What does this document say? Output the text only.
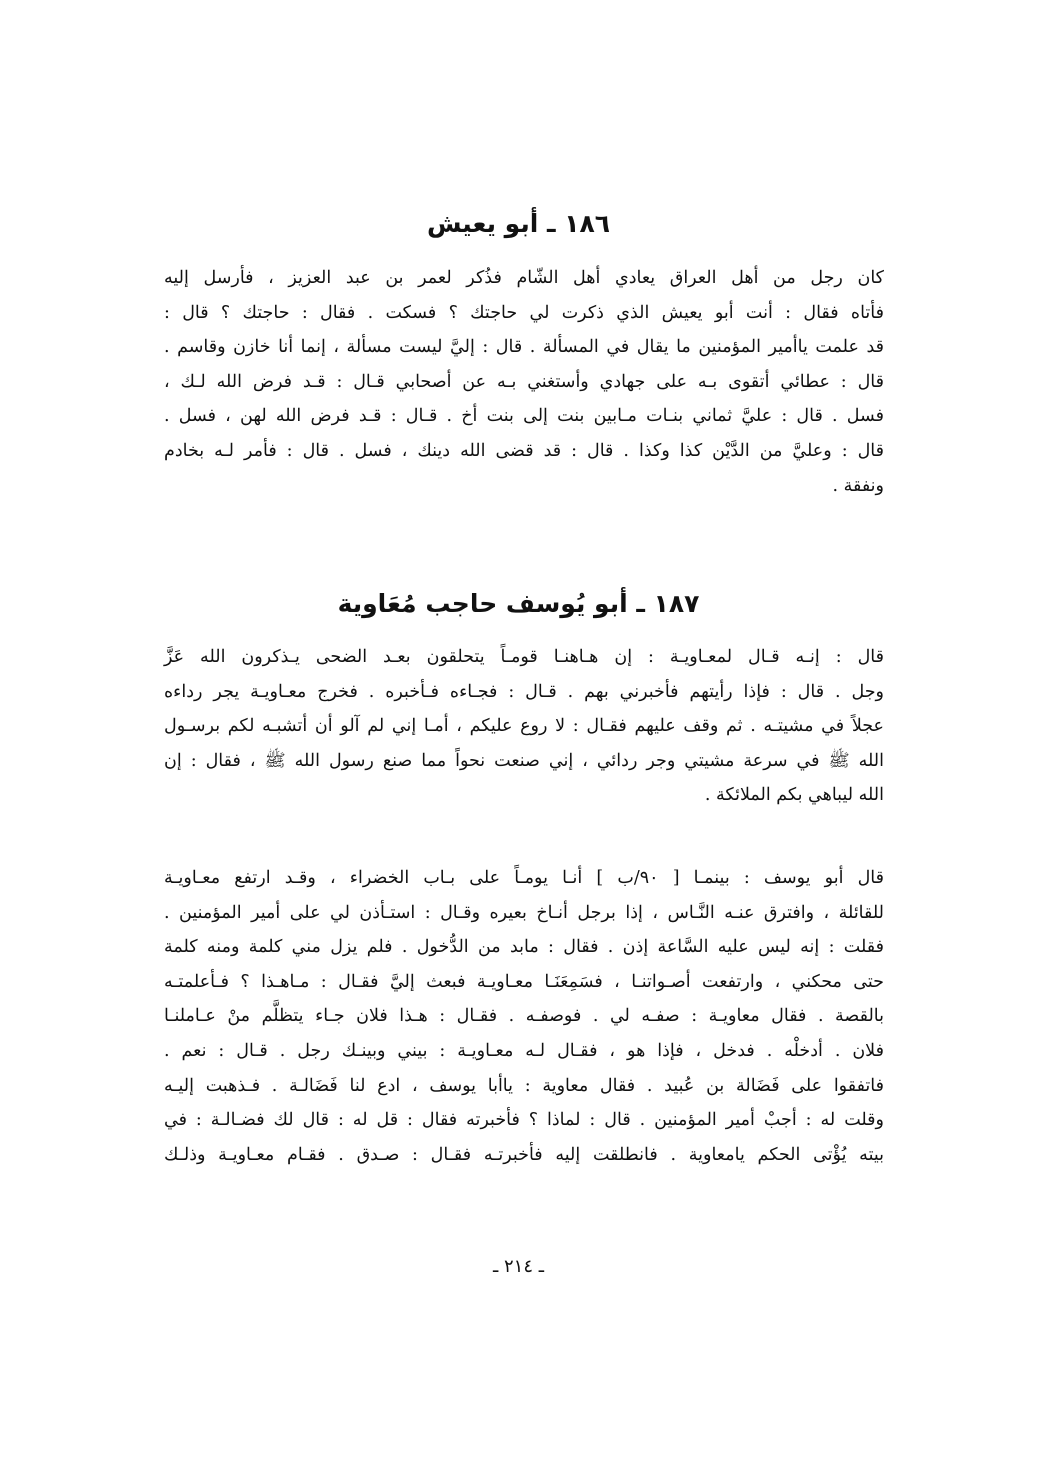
١٨٦ ـ أبو يعيش
كان رجل من أهل العراق يعادي أهل الشّام فذُكر لعمر بن عبد العزيز ، فأرسل إليه
فأتاه فقال : أنت أبو يعيش الذي ذكرت لي حاجتك ؟ فسكت . فقال : حاجتك ؟ قال :
قد علمت ياأمير المؤمنين ما يقال في المسألة . قال : إليَّ ليست مسألة ، إنما أنا خازن وقاسم .
قال : عطائي أتقوى بـه على جهادي وأستغني بـه عن أصحابي قـال : قـد فرض الله لـك ،
فسل . قال : عليَّ ثماني بنـات مـابين بنت إلى بنت أخ . قـال : قـد فرض الله لهن ، فسل .
قال : وعليَّ من الدَّيْن كذا وكذا . قال : قد قضى الله دينك ، فسل . قال : فأمر لـه بخادم
ونفقة .
١٨٧ ـ أبو يُوسف حاجب مُعَاوية
قال : إنـه قـال لمعـاويـة : إن هـاهنـا قومـاً يتحلقون بعـد الضحى يـذكرون الله عَزَّ
وجل . قال : فإذا رأيتهم فأخبرني بهم . قـال : فجـاءه فـأخبره . فخرج معـاويـة يجر رداءه
عجلاً في مشيتـه . ثم وقف عليهم فقـال : لا روع عليكم ، أمـا إني لم آلو أن أتشبـه لكم برسـول
الله ﷺ في سرعة مشيتي وجر ردائي ، إني صنعت نحواً مما صنع رسول الله ﷺ ، فقال : إن
الله ليباهي بكم الملائكة .
قال أبو يوسف : بينمـا [ ٩٠/ب ] أنـا يومـاً على بـاب الخضراء ، وقـد ارتفع معـاويـة
للقائلة ، وافترق عنـه النَّـاس ، إذا برجل أنـاخ بعيره وقـال : استـأذن لي على أمير المؤمنين .
فقلت : إنه ليس عليه السَّاعة إذن . فقال : مابد من الدُّخول . فلم يزل مني كلمة ومنه كلمة
حتى محكني ، وارتفعت أصـواتنـا ، فسَمِعَنَـا معـاويـة فبعث إليَّ فقـال : مـاهـذا ؟ فـأعلمتـه
بالقصة . فقال معاويـة : صفـه لي . فوصفـه . فقـال : هـذا فلان جـاء يتظلَّم منْ عـاملنـا
فلان . أدخلْه . فدخل ، فإذا هو ، فقـال لـه معـاويـة : بيني وبينـك رجل . قـال : نعم .
فاتفقوا على فَضَالة بن عُبيد . فقال معاوية : ياأبا يوسف ، ادع لنا فَضَالـة . فـذهبت إليـه
وقلت له : أجبْ أمير المؤمنين . قال : لماذا ؟ فأخبرته فقال : قل له : قال لك فضـالـة : في
بيته يُؤْتى الحكم يامعاوية . فانطلقت إليه فأخبرتـه فقـال : صـدق . فقـام معـاويـة وذلـك
ـ ٢١٤ ـ
